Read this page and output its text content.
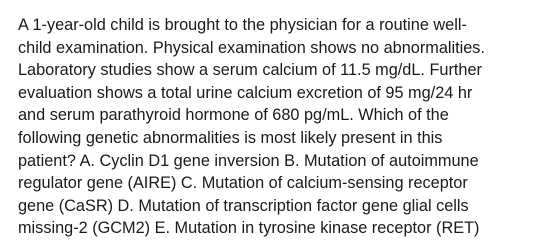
A 1-year-old child is brought to the physician for a routine well-
child examination. Physical examination shows no abnormalities.
Laboratory studies show a serum calcium of 11.5 mg/dL. Further
evaluation shows a total urine calcium excretion of 95 mg/24 hr
and serum parathyroid hormone of 680 pg/mL. Which of the
following genetic abnormalities is most likely present in this
patient? A. Cyclin D1 gene inversion B. Mutation of autoimmune
regulator gene (AIRE) C. Mutation of calcium-sensing receptor
gene (CaSR) D. Mutation of transcription factor gene glial cells
missing-2 (GCM2) E. Mutation in tyrosine kinase receptor (RET)
